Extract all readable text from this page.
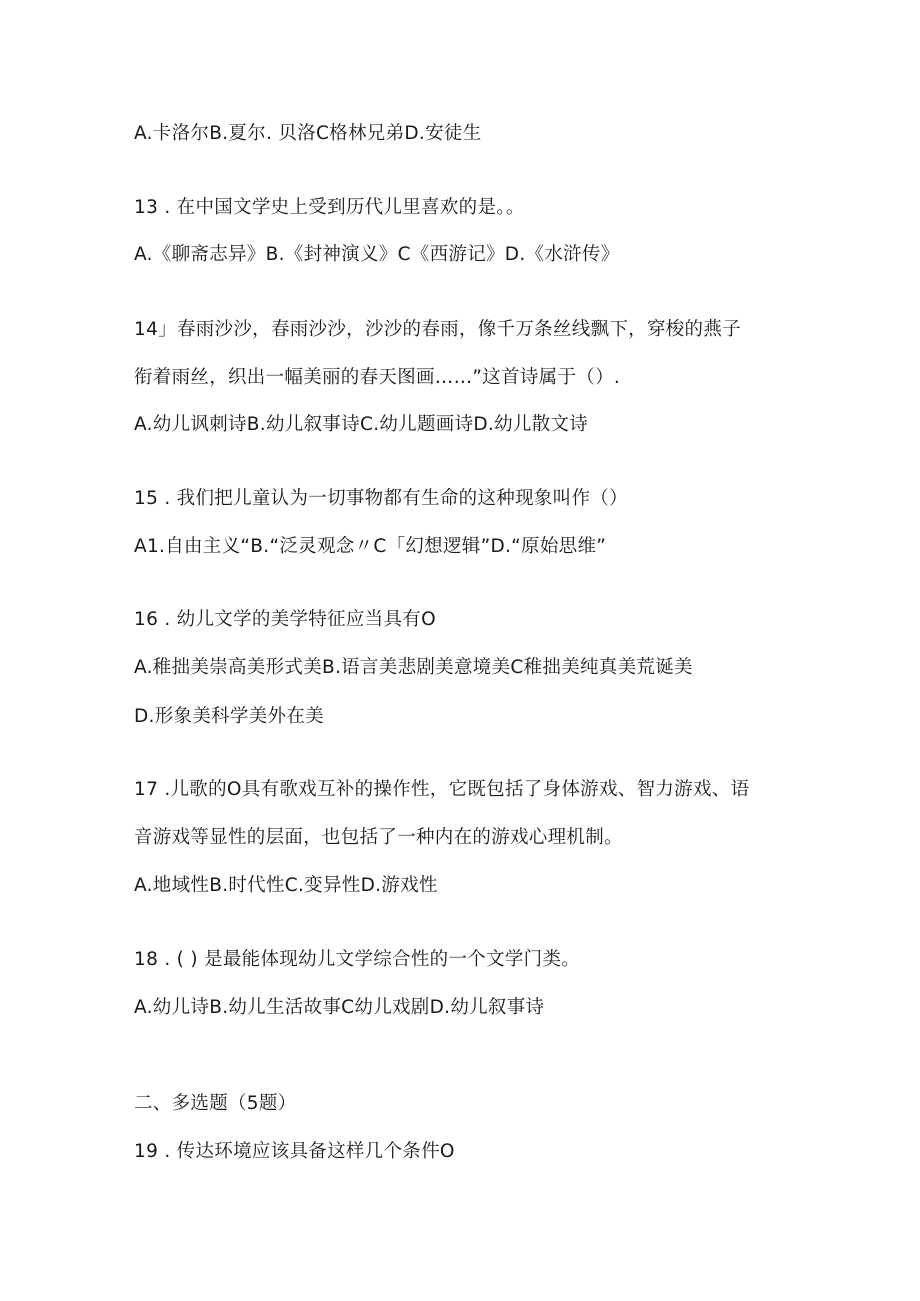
A.卡洛尔B.夏尔. 贝洛C格林兄弟D.安徒生
13 . 在中国文学史上受到历代儿里喜欢的是。。
A.《聊斋志异》B.《封神演义》C《西游记》D.《水浒传》
14」春雨沙沙，春雨沙沙，沙沙的春雨，像千万条丝线飘下，穿梭的燕子
衔着雨丝，织出一幅美丽的春天图画……”这首诗属于（）.
A.幼儿讽刺诗B.幼儿叙事诗C.幼儿题画诗D.幼儿散文诗
15 . 我们把儿童认为一切事物都有生命的这种现象叫作（）
A1.自由主义“B.“泛灵观念〃C「幻想逻辑”D.“原始思维”
16 . 幼儿文学的美学特征应当具有O
A.稚拙美崇高美形式美B.语言美悲剧美意境美C稚拙美纯真美荒诞美
D.形象美科学美外在美
17 .儿歌的O具有歌戏互补的操作性，它既包括了身体游戏、智力游戏、语
音游戏等显性的层面，也包括了一种内在的游戏心理机制。
A.地域性B.时代性C.变异性D.游戏性
18 . ( ) 是最能体现幼儿文学综合性的一个文学门类。
A.幼儿诗B.幼儿生活故事C幼儿戏剧D.幼儿叙事诗
二、多选题（5题）
19 . 传达环境应该具备这样几个条件O
